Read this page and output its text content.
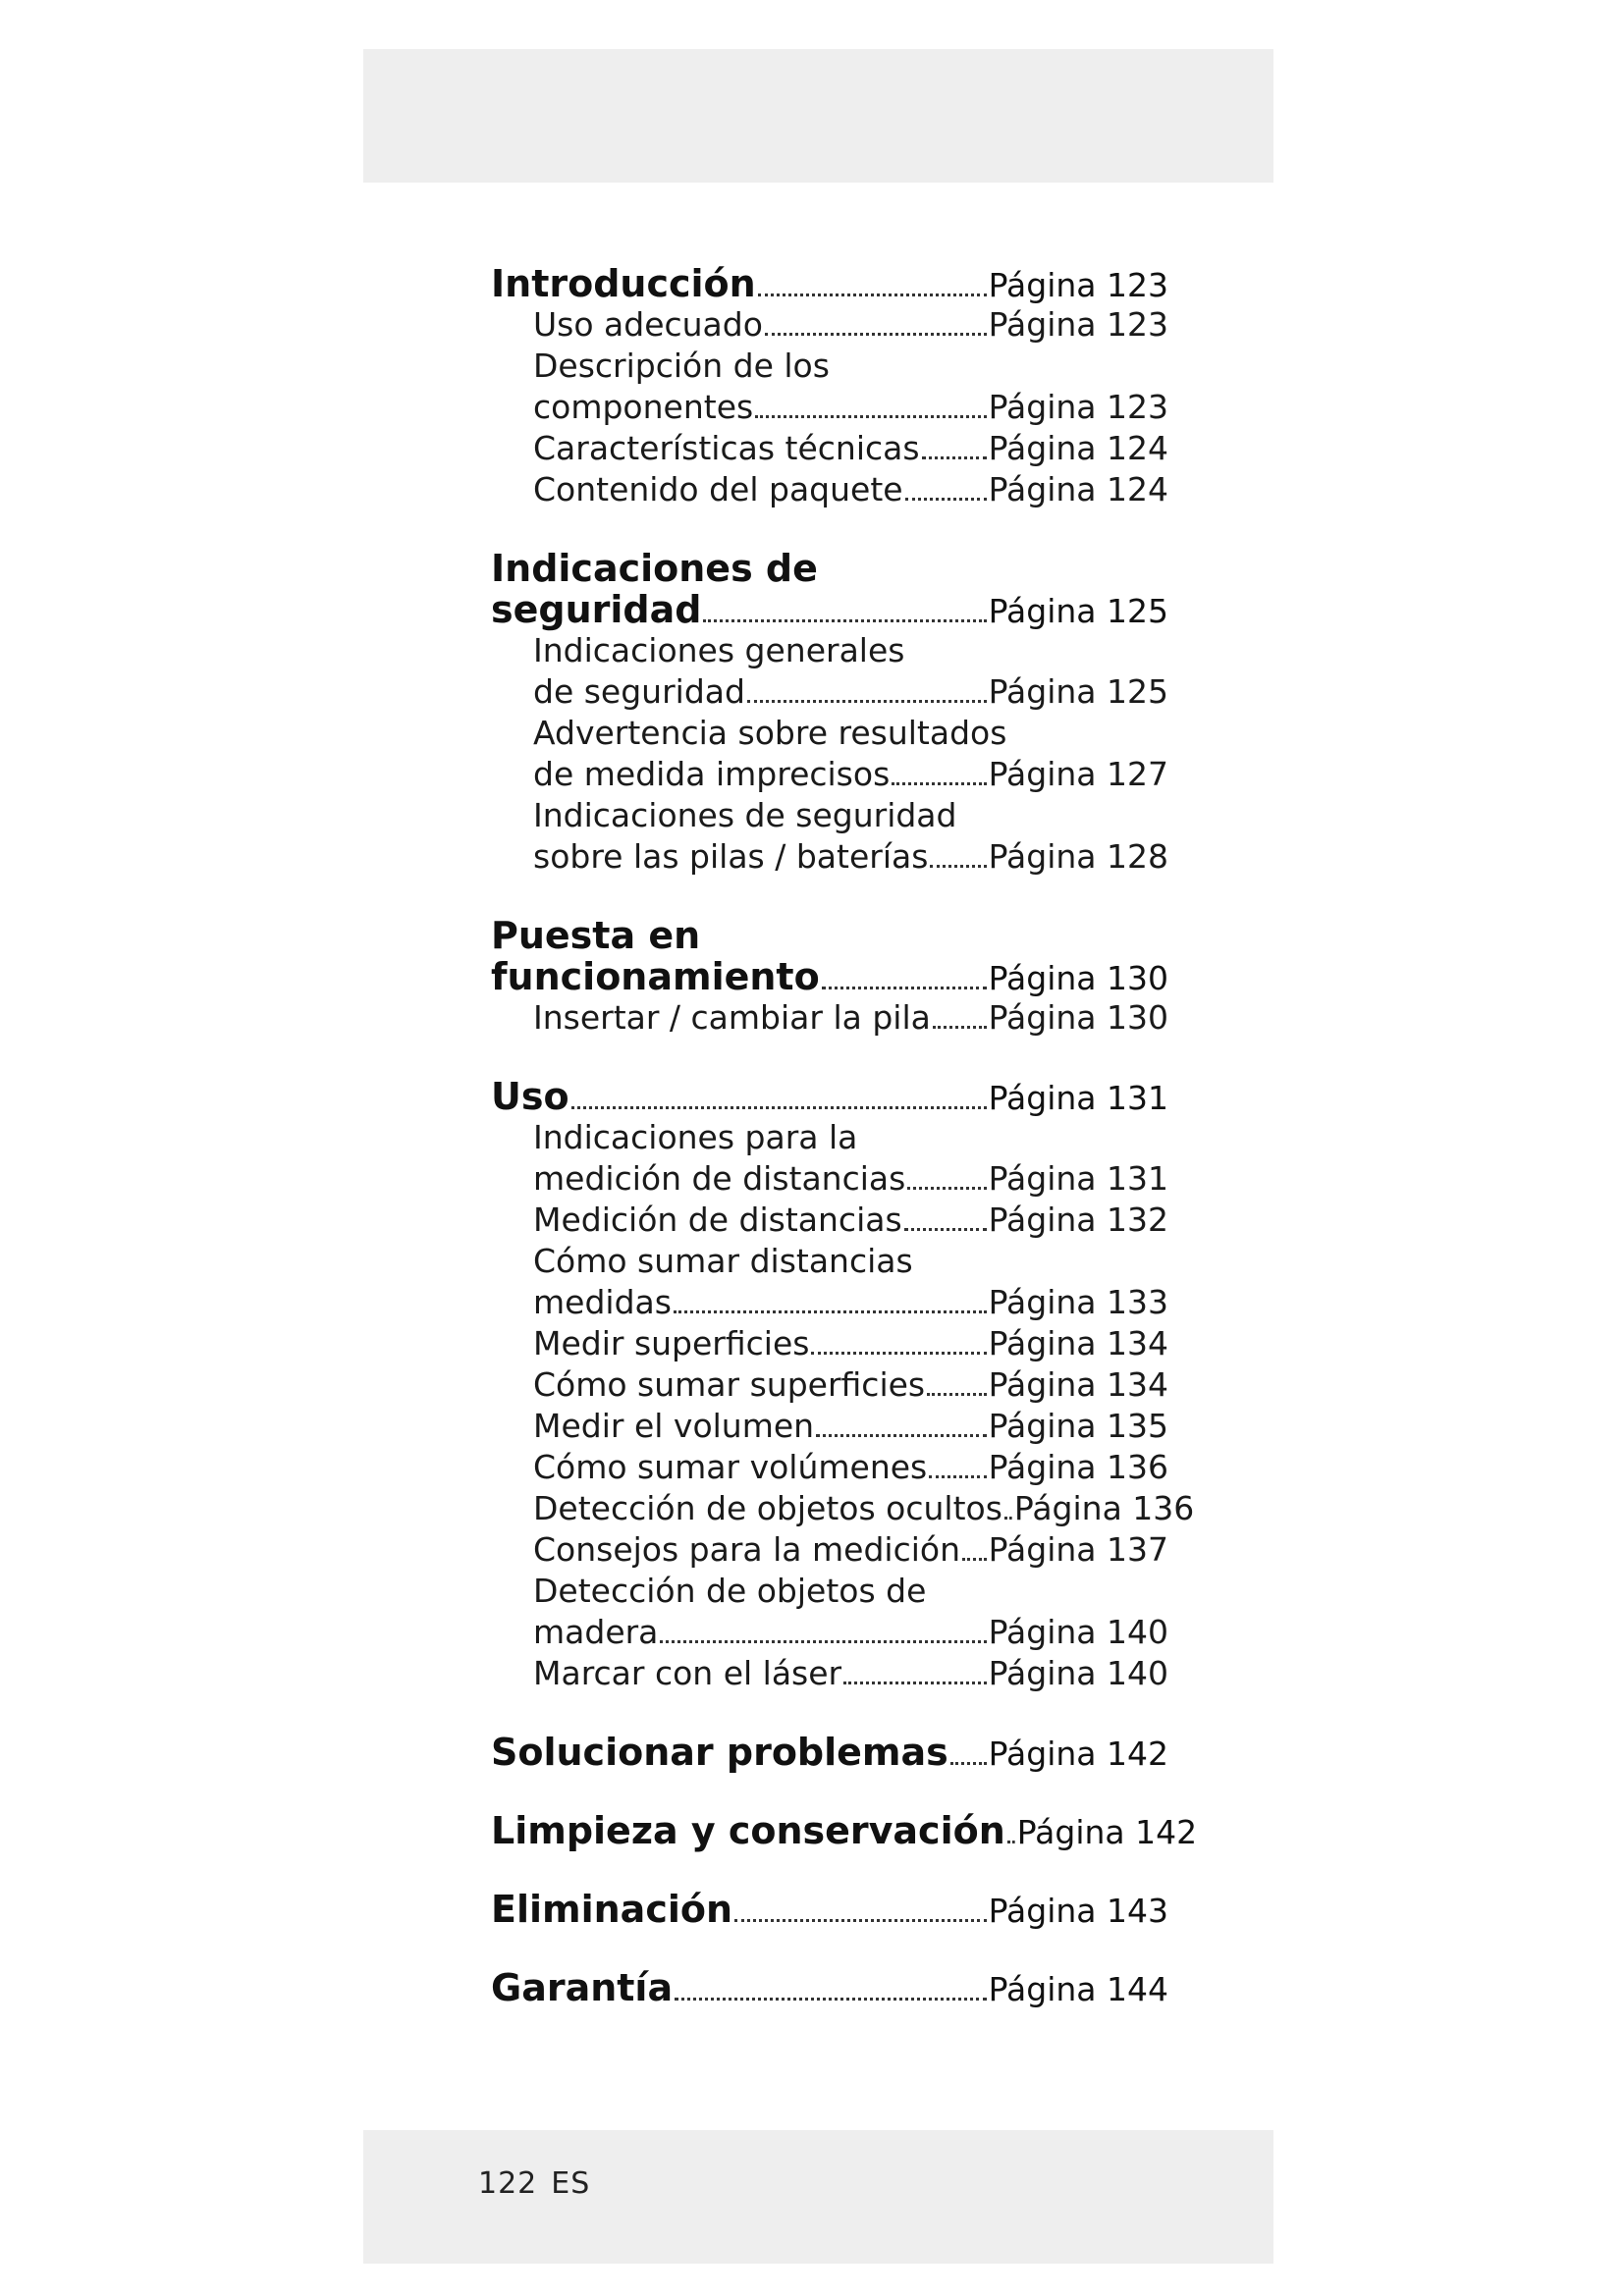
Introducción	Página 123
Uso adecuado	Página 123
Descripción de los
componentes	Página 123
Características técnicas Página 124
Contenido del paquete	Página 124
Indicaciones de
seguridad	Página 125
Indicaciones generales
de seguridad	Página 125
Advertencia sobre resultados
de medida imprecisos	Página 127
Indicaciones de seguridad
sobre las pilas / baterías Página 128
Puesta en
funcionamiento	Página 130
Insertar / cambiar la pila Página 130
Uso	Página 131
Indicaciones para la
medición de distancias	Página 131
Medición de distancias	Página 132
Cómo sumar distancias
medidas	Página 133
Medir superficies	Página 134
Cómo sumar superficies Página 134
Medir el volumen	Página 135
Cómo sumar volúmenes Página 136
Detección de objetos ocultos Página 136
Consejos para la medición Página 137
Detección de objetos de
madera	Página 140
Marcar con el láser	Página 140
Solucionar problemas Página 142
Limpieza y conservación Página 142
Eliminación	Página 143
Garantía	Página 144
122 ES
